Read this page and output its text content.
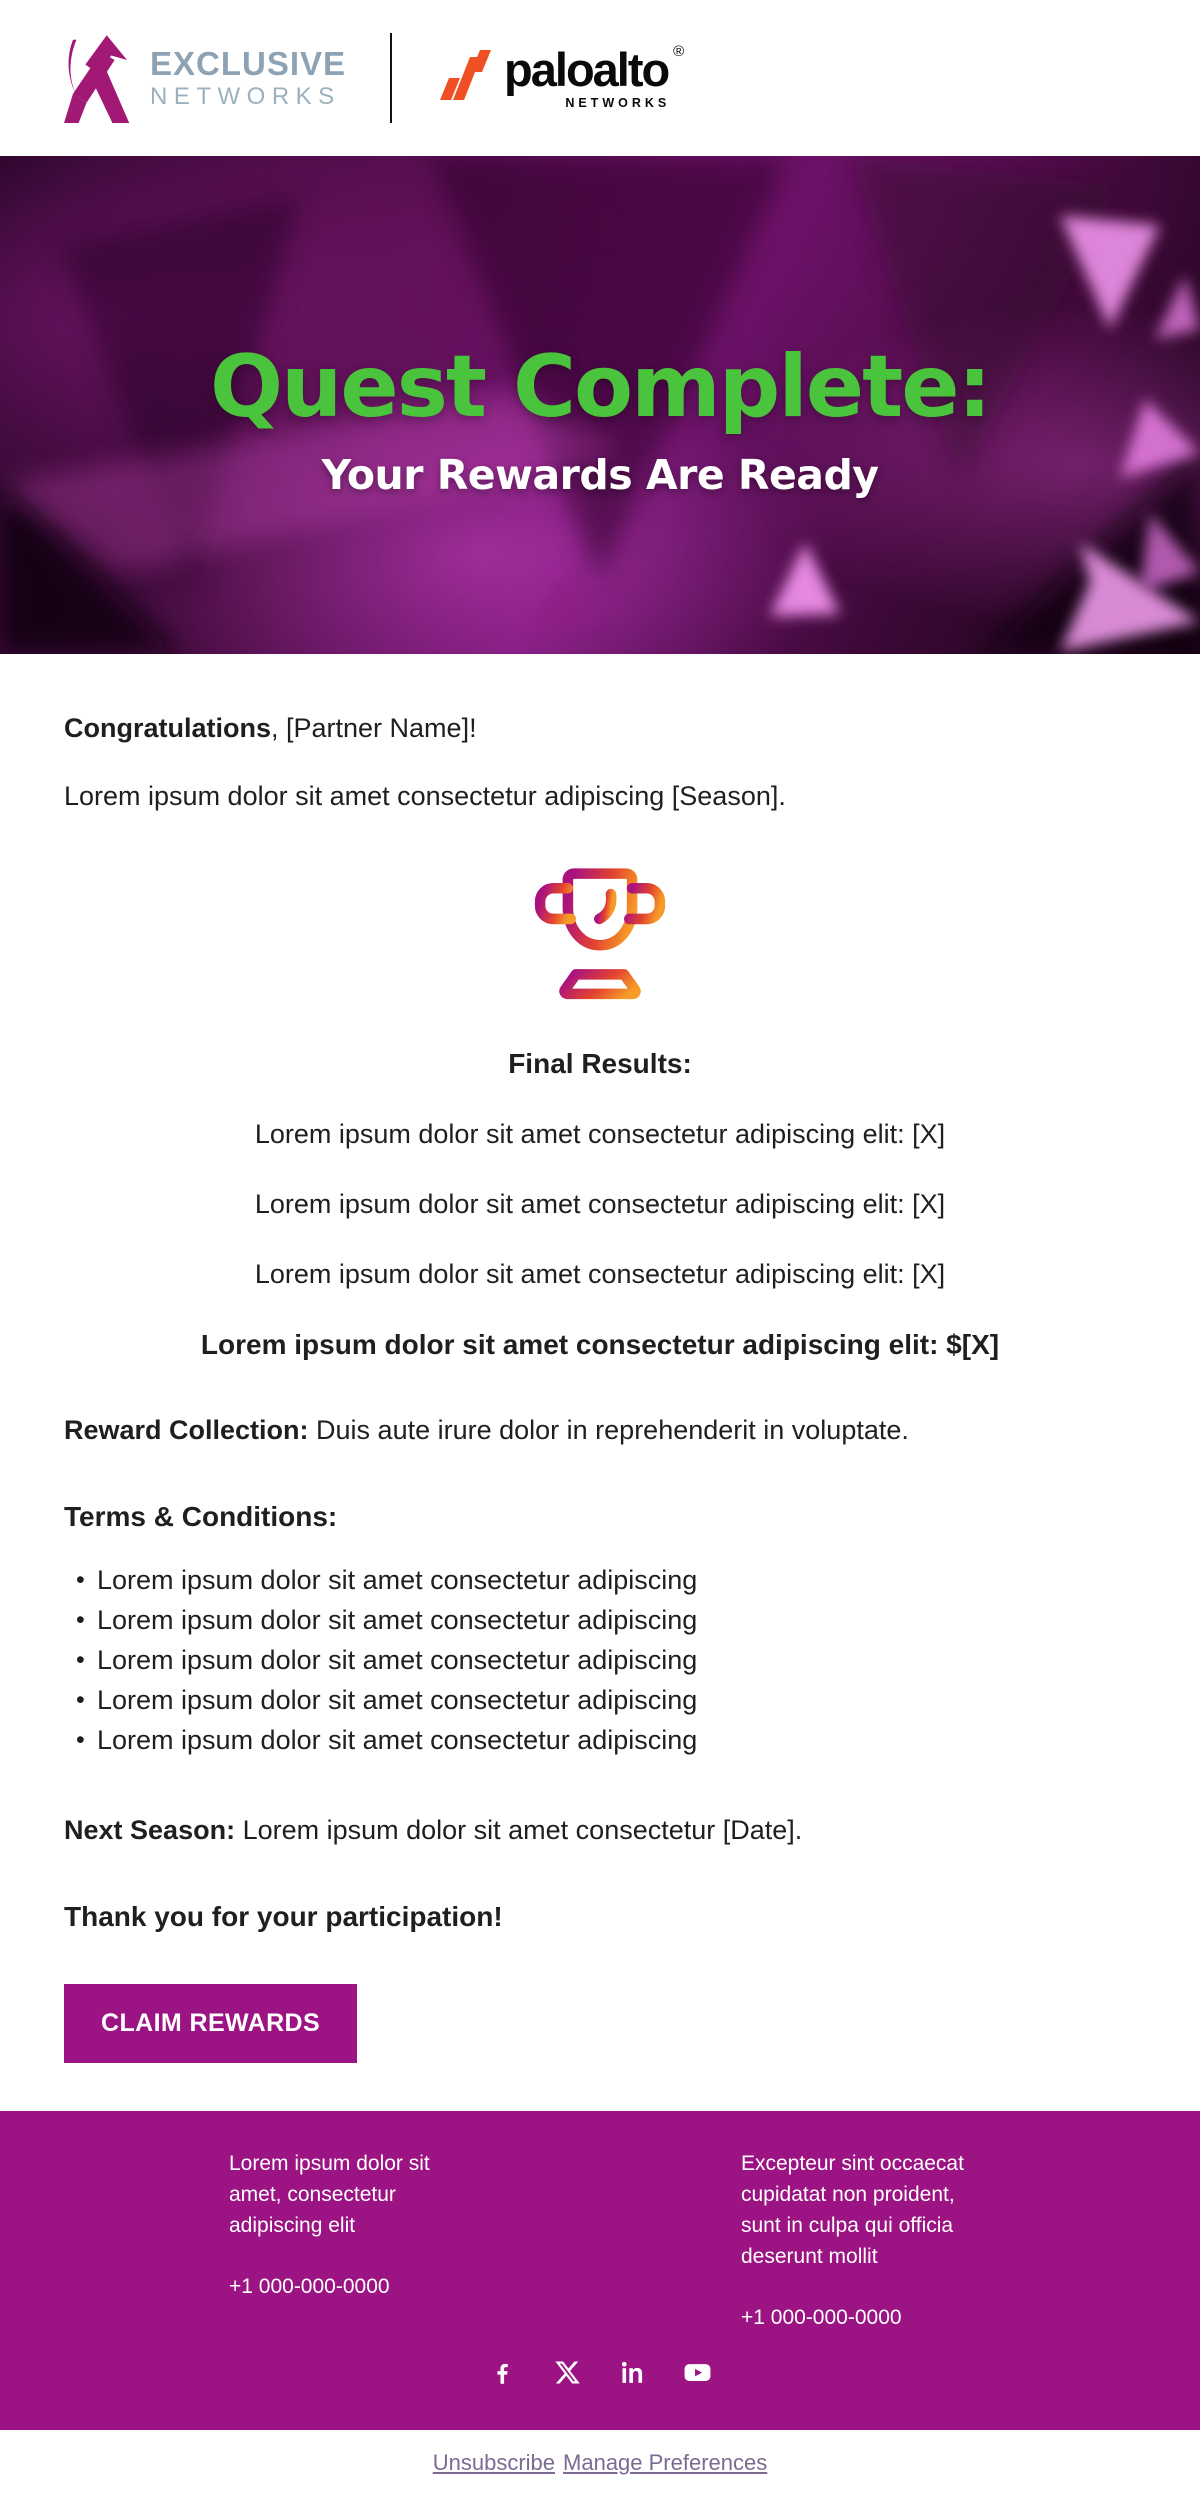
EXCLUSIVE
NETWORKS
paloalto ®
NETWORKS
Quest Complete:
Your Rewards Are Ready

Congratulations, [Partner Name]!

Lorem ipsum dolor sit amet consectetur adipiscing [Season].

Final Results:

Lorem ipsum dolor sit amet consectetur adipiscing elit: [X]

Lorem ipsum dolor sit amet consectetur adipiscing elit: [X]

Lorem ipsum dolor sit amet consectetur adipiscing elit: [X]

Lorem ipsum dolor sit amet consectetur adipiscing elit: $[X]

Reward Collection: Duis aute irure dolor in reprehenderit in voluptate.

Terms & Conditions:

• Lorem ipsum dolor sit amet consectetur adipiscing
• Lorem ipsum dolor sit amet consectetur adipiscing
• Lorem ipsum dolor sit amet consectetur adipiscing
• Lorem ipsum dolor sit amet consectetur adipiscing
• Lorem ipsum dolor sit amet consectetur adipiscing

Next Season: Lorem ipsum dolor sit amet consectetur [Date].

Thank you for your participation!

CLAIM REWARDS
Lorem ipsum dolor sit amet, consectetur adipiscing elit
+1 000-000-0000
Excepteur sint occaecat cupidatat non proident, sunt in culpa qui officia deserunt mollit
+1 000-000-0000
Unsubscribe Manage Preferences
